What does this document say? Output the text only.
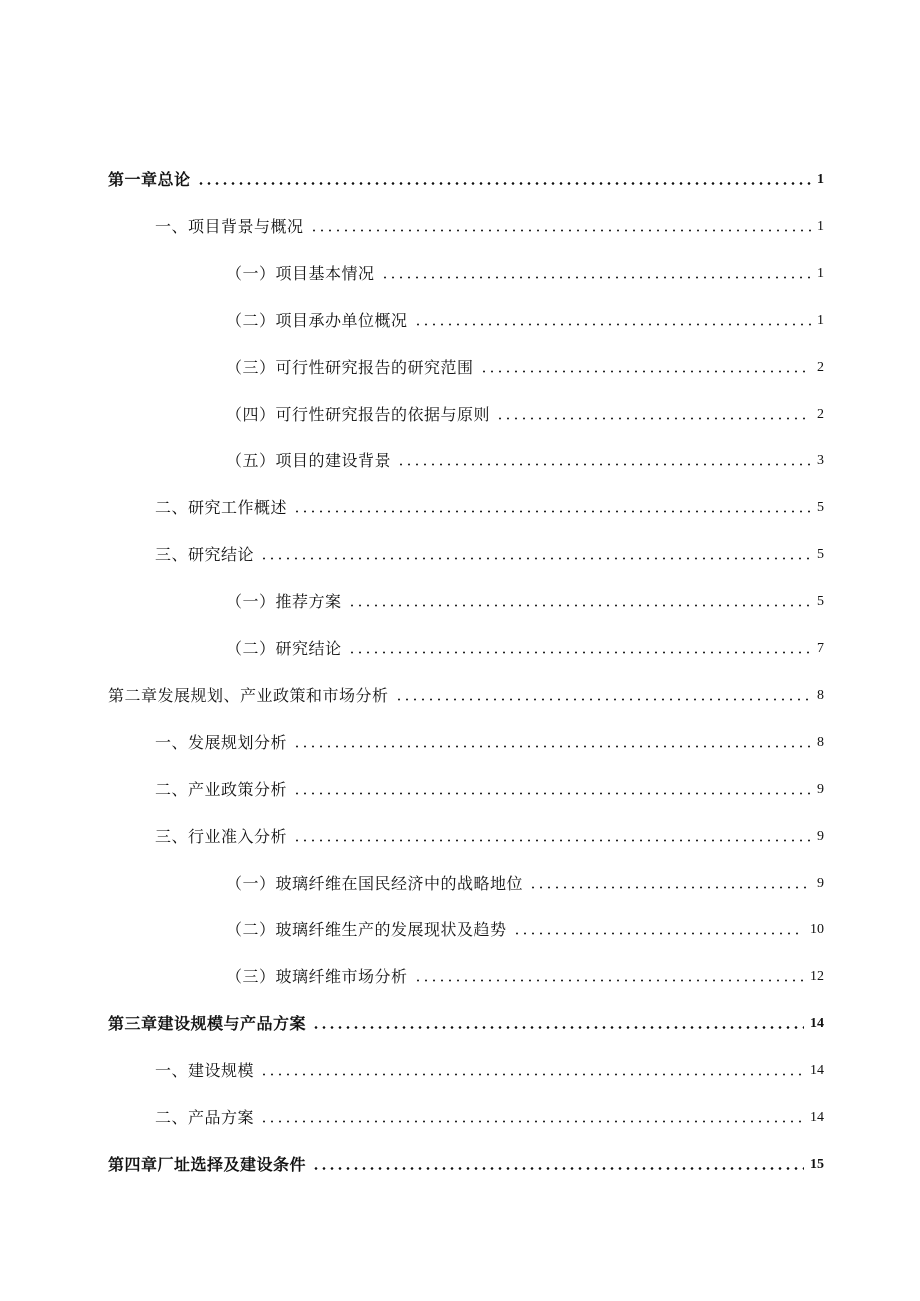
第一章总论	1
一、项目背景与概况	1
（一）项目基本情况	1
（二）项目承办单位概况	1
（三）可行性研究报告的研究范围	2
（四）可行性研究报告的依据与原则	2
（五）项目的建设背景	3
二、研究工作概述	5
三、研究结论	5
（一）推荐方案	5
（二）研究结论	7
第二章发展规划、产业政策和市场分析	8
一、发展规划分析	8
二、产业政策分析	9
三、行业准入分析	9
（一）玻璃纤维在国民经济中的战略地位	9
（二）玻璃纤维生产的发展现状及趋势	10
（三）玻璃纤维市场分析	12
第三章建设规模与产品方案	14
一、建设规模	14
二、产品方案	14
第四章厂址选择及建设条件	15
